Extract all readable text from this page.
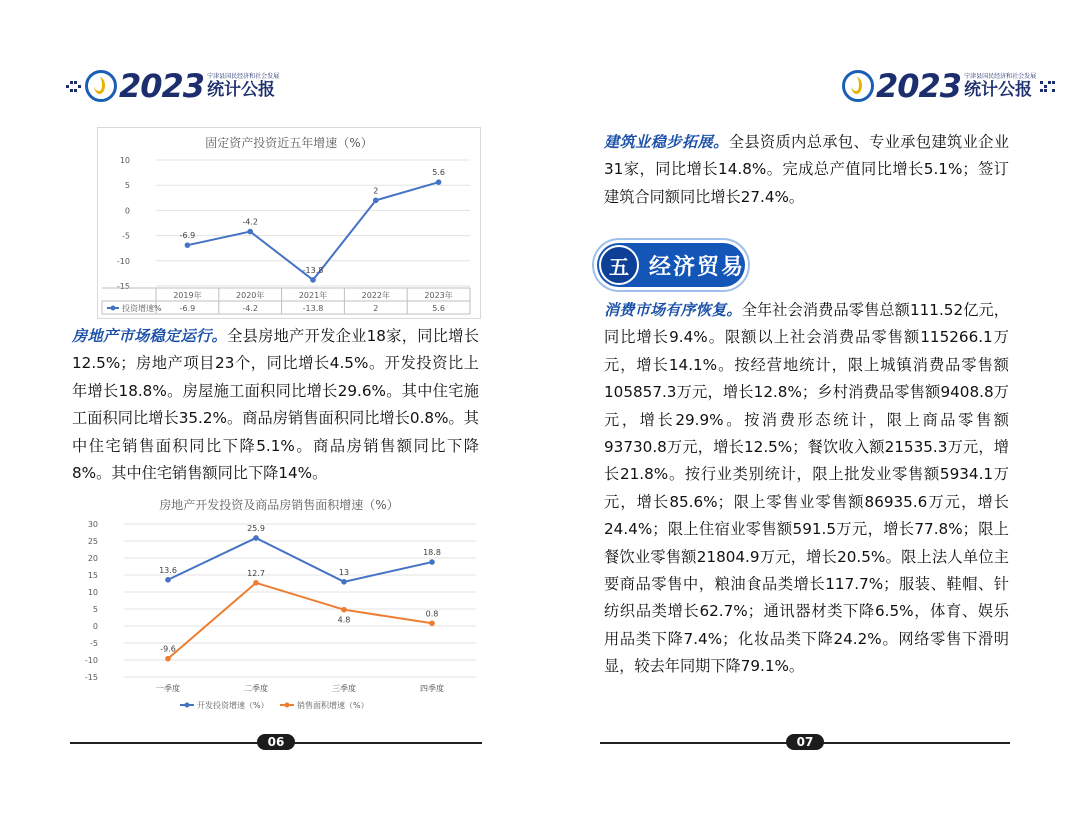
2023 宁津县国民经济和社会发展
统计公报
固定资产投资近五年增速（%）
10
5
0
-5
-10
-15
-6.9
-4.2
-13.8
2
5.6
2019年	2020年	2021年	2022年	2023年
-6.9	-4.2	-13.8	2	5.6
投资增速%
房地产市场稳定运行。全县房地产开发企业18家，同比增长12.5%；房地产项目23个，同比增长4.5%。开发投资比上年增长18.8%。房屋施工面积同比增长29.6%。其中住宅施工面积同比增长35.2%。商品房销售面积同比增长0.8%。其中住宅销售面积同比下降5.1%。商品房销售额同比下降8%。其中住宅销售额同比下降14%。
房地产开发投资及商品房销售面积增速（%）
30
25
20
15
10
5
0
-5
-10
-15
一季度	二季度	三季度	四季度
13.6
25.9
13
18.8
-9.6
12.7
4.8
0.8
开发投资增速（%）	销售面积增速（%）
06
2023 宁津县国民经济和社会发展
统计公报
建筑业稳步拓展。全县资质内总承包、专业承包建筑业企业31家，同比增长14.8%。完成总产值同比增长5.1%；签订建筑合同额同比增长27.4%。
五 经济贸易
消费市场有序恢复。全年社会消费品零售总额111.52亿元，同比增长9.4%。限额以上社会消费品零售额115266.1万元，增长14.1%。按经营地统计，限上城镇消费品零售额105857.3万元，增长12.8%；乡村消费品零售额9408.8万元，增长29.9%。按消费形态统计，限上商品零售额93730.8万元，增长12.5%；餐饮收入额21535.3万元，增长21.8%。按行业类别统计，限上批发业零售额5934.1万元，增长85.6%；限上零售业零售额86935.6万元，增长24.4%；限上住宿业零售额591.5万元，增长77.8%；限上餐饮业零售额21804.9万元，增长20.5%。限上法人单位主要商品零售中，粮油食品类增长117.7%；服装、鞋帽、针纺织品类增长62.7%；通讯器材类下降6.5%，体育、娱乐用品类下降7.4%；化妆品类下降24.2%。网络零售下滑明显，较去年同期下降79.1%。
07
